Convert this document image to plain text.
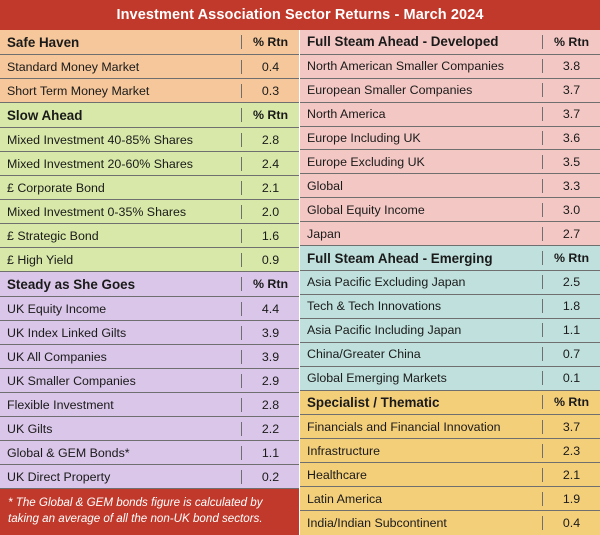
Investment Association Sector Returns - March 2024
Safe Haven	% Rtn
Standard Money Market	0.4
Short Term Money Market	0.3
Slow Ahead	% Rtn
Mixed Investment 40-85% Shares	2.8
Mixed Investment 20-60% Shares	2.4
£ Corporate Bond	2.1
Mixed Investment 0-35% Shares	2.0
£ Strategic Bond	1.6
£ High Yield	0.9
Steady as She Goes	% Rtn
UK Equity Income	4.4
UK Index Linked Gilts	3.9
UK All Companies	3.9
UK Smaller Companies	2.9
Flexible Investment	2.8
UK Gilts	2.2
Global & GEM Bonds*	1.1
UK Direct Property	0.2
* The Global & GEM bonds figure is calculated by taking an average of all the non-UK bond sectors.
Full Steam Ahead - Developed	% Rtn
North American Smaller Companies	3.8
European Smaller Companies	3.7
North America	3.7
Europe Including UK	3.6
Europe Excluding UK	3.5
Global	3.3
Global Equity Income	3.0
Japan	2.7
Full Steam Ahead - Emerging	% Rtn
Asia Pacific Excluding Japan	2.5
Tech & Tech Innovations	1.8
Asia Pacific Including Japan	1.1
China/Greater China	0.7
Global Emerging Markets	0.1
Specialist / Thematic	% Rtn
Financials and Financial Innovation	3.7
Infrastructure	2.3
Healthcare	2.1
Latin America	1.9
India/Indian Subcontinent	0.4
